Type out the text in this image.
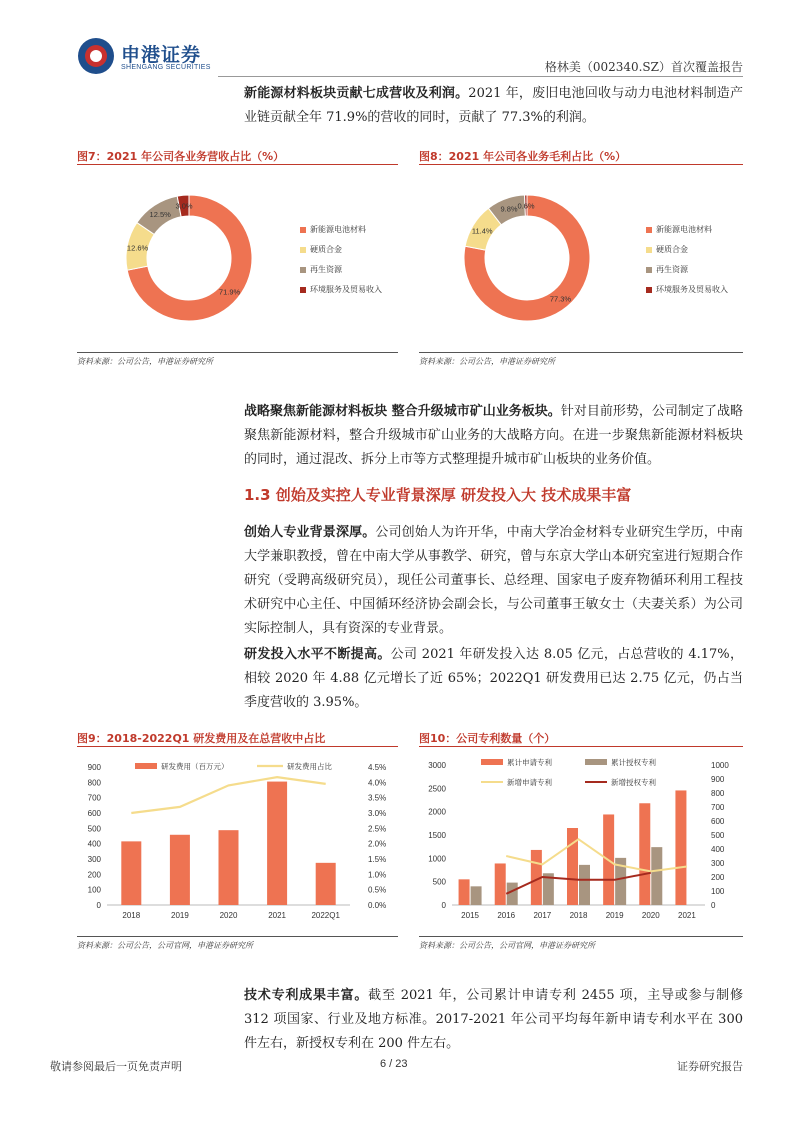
申港证券
SHENGANG SECURITIES	格林美（002340.SZ）首次覆盖报告
新能源材料板块贡献七成营收及利润。2021 年，废旧电池回收与动力电池材料制造产业链贡献全年 71.9%的营收的同时，贡献了 77.3%的利润。
图7：2021 年公司各业务营收占比（%）
71.9%
12.6%
12.5%
3.0%
新能源电池材料
硬质合金
再生资源
环境服务及贸易收入
资料来源：公司公告，申港证券研究所
图8：2021 年公司各业务毛利占比（%）
77.3%
11.4%
9.8% 0.6%
新能源电池材料
硬质合金
再生资源
环境服务及贸易收入
资料来源：公司公告，申港证券研究所
战略聚焦新能源材料板块 整合升级城市矿山业务板块。针对目前形势，公司制定了战略聚焦新能源材料，整合升级城市矿山业务的大战略方向。在进一步聚焦新能源材料板块的同时，通过混改、拆分上市等方式整理提升城市矿山板块的业务价值。
1.3 创始及实控人专业背景深厚 研发投入大 技术成果丰富
创始人专业背景深厚。公司创始人为许开华，中南大学冶金材料专业研究生学历，中南大学兼职教授，曾在中南大学从事教学、研究，曾与东京大学山本研究室进行短期合作研究（受聘高级研究员），现任公司董事长、总经理、国家电子废弃物循环利用工程技术研究中心主任、中国循环经济协会副会长，与公司董事王敏女士（夫妻关系）为公司实际控制人，具有资深的专业背景。
研发投入水平不断提高。公司 2021 年研发投入达 8.05 亿元，占总营收的 4.17%，相较 2020 年 4.88 亿元增长了近 65%；2022Q1 研发费用已达 2.75 亿元，仍占当季度营收的 3.95%。
图9：2018-2022Q1 研发费用及在总营收中占比
0
100
200
300
400
500
600
700
800
900
0.0%
0.5%
1.0%
1.5%
2.0%
2.5%
3.0%
3.5%
4.0%
4.5%
2018	2019	2020	2021	2022Q1
研发费用（百万元）	研发费用占比
资料来源：公司公告，公司官网，申港证券研究所
图10：公司专利数量（个）
0
500
1000
1500
2000
2500
3000
0
100
200
300
400
500
600
700
800
900
1000
2015 2016 2017 2018 2019 2020 2021
累计申请专利	累计授权专利
新增申请专利	新增授权专利
资料来源：公司公告，公司官网，申港证券研究所
技术专利成果丰富。截至 2021 年，公司累计申请专利 2455 项，主导或参与制修 312 项国家、行业及地方标准。2017-2021 年公司平均每年新申请专利水平在 300 件左右，新授权专利在 200 件左右。
敬请参阅最后一页免责声明	6 / 23	证券研究报告
